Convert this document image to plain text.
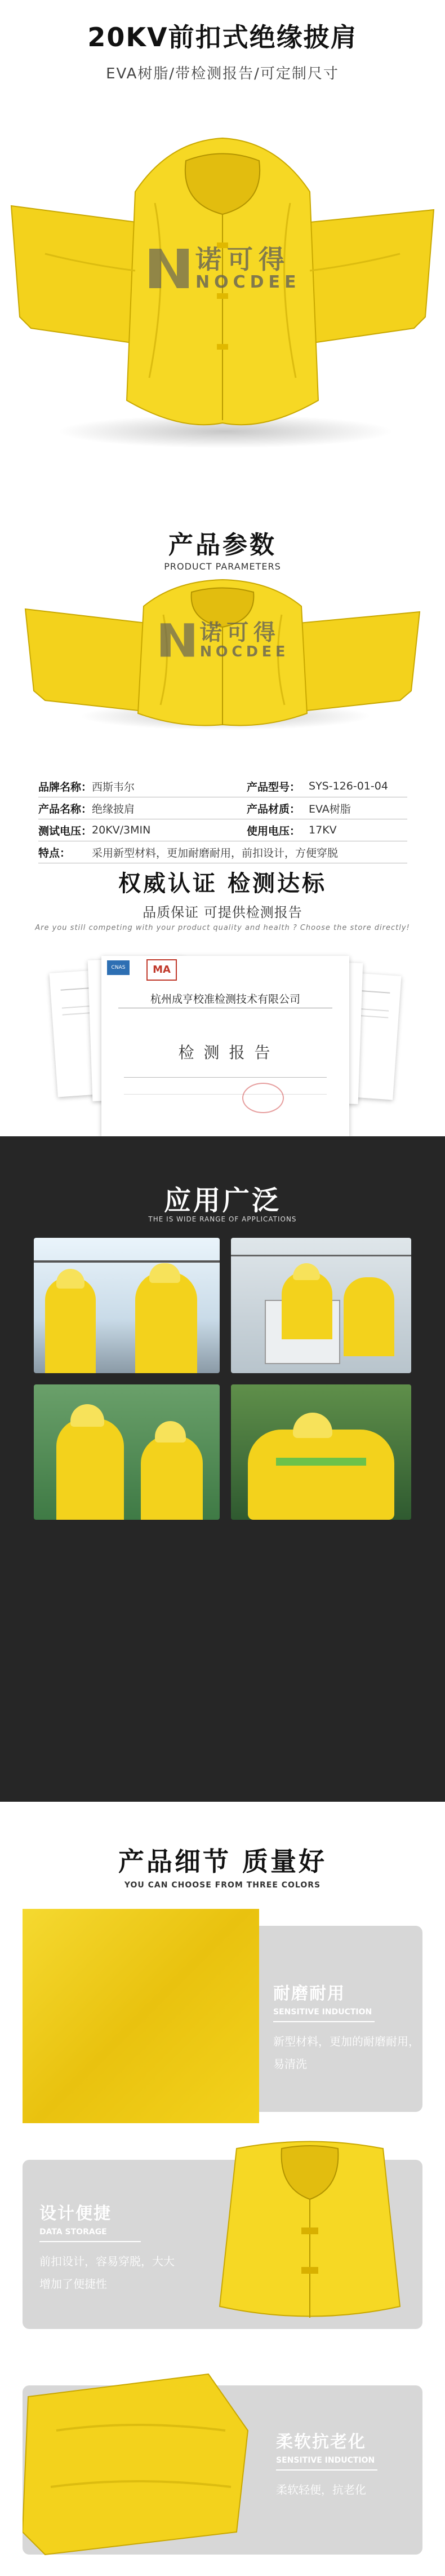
20KV前扣式绝缘披肩
EVA树脂/带检测报告/可定制尺寸
诺可得
NOCDEE
产品参数
PRODUCT PARAMETERS
诺可得
NOCDEE
品牌名称：	西斯韦尔	产品型号：	SYS-126-01-04
产品名称：	绝缘披肩	产品材质：	EVA树脂
测试电压：	20KV/3MIN	使用电压：	17KV
特点：	采用新型材料，更加耐磨耐用，前扣设计，方便穿脱		
权威认证 检测达标
品质保证 可提供检测报告
Are you still competing with your product quality and health ? Choose the store directly!
CNAS	MA
杭州成亨校准检测技术有限公司
检 测 报 告
应用广泛
THE IS WIDE RANGE OF APPLICATIONS
产品细节 质量好
YOU CAN CHOOSE FROM THREE COLORS
耐磨耐用
SENSITIVE INDUCTION
新型材料，更加的耐磨耐用，
易清洗
设计便捷
DATA STORAGE
前扣设计，容易穿脱，大大
增加了便捷性
柔软抗老化
SENSITIVE INDUCTION
柔软轻便，抗老化
